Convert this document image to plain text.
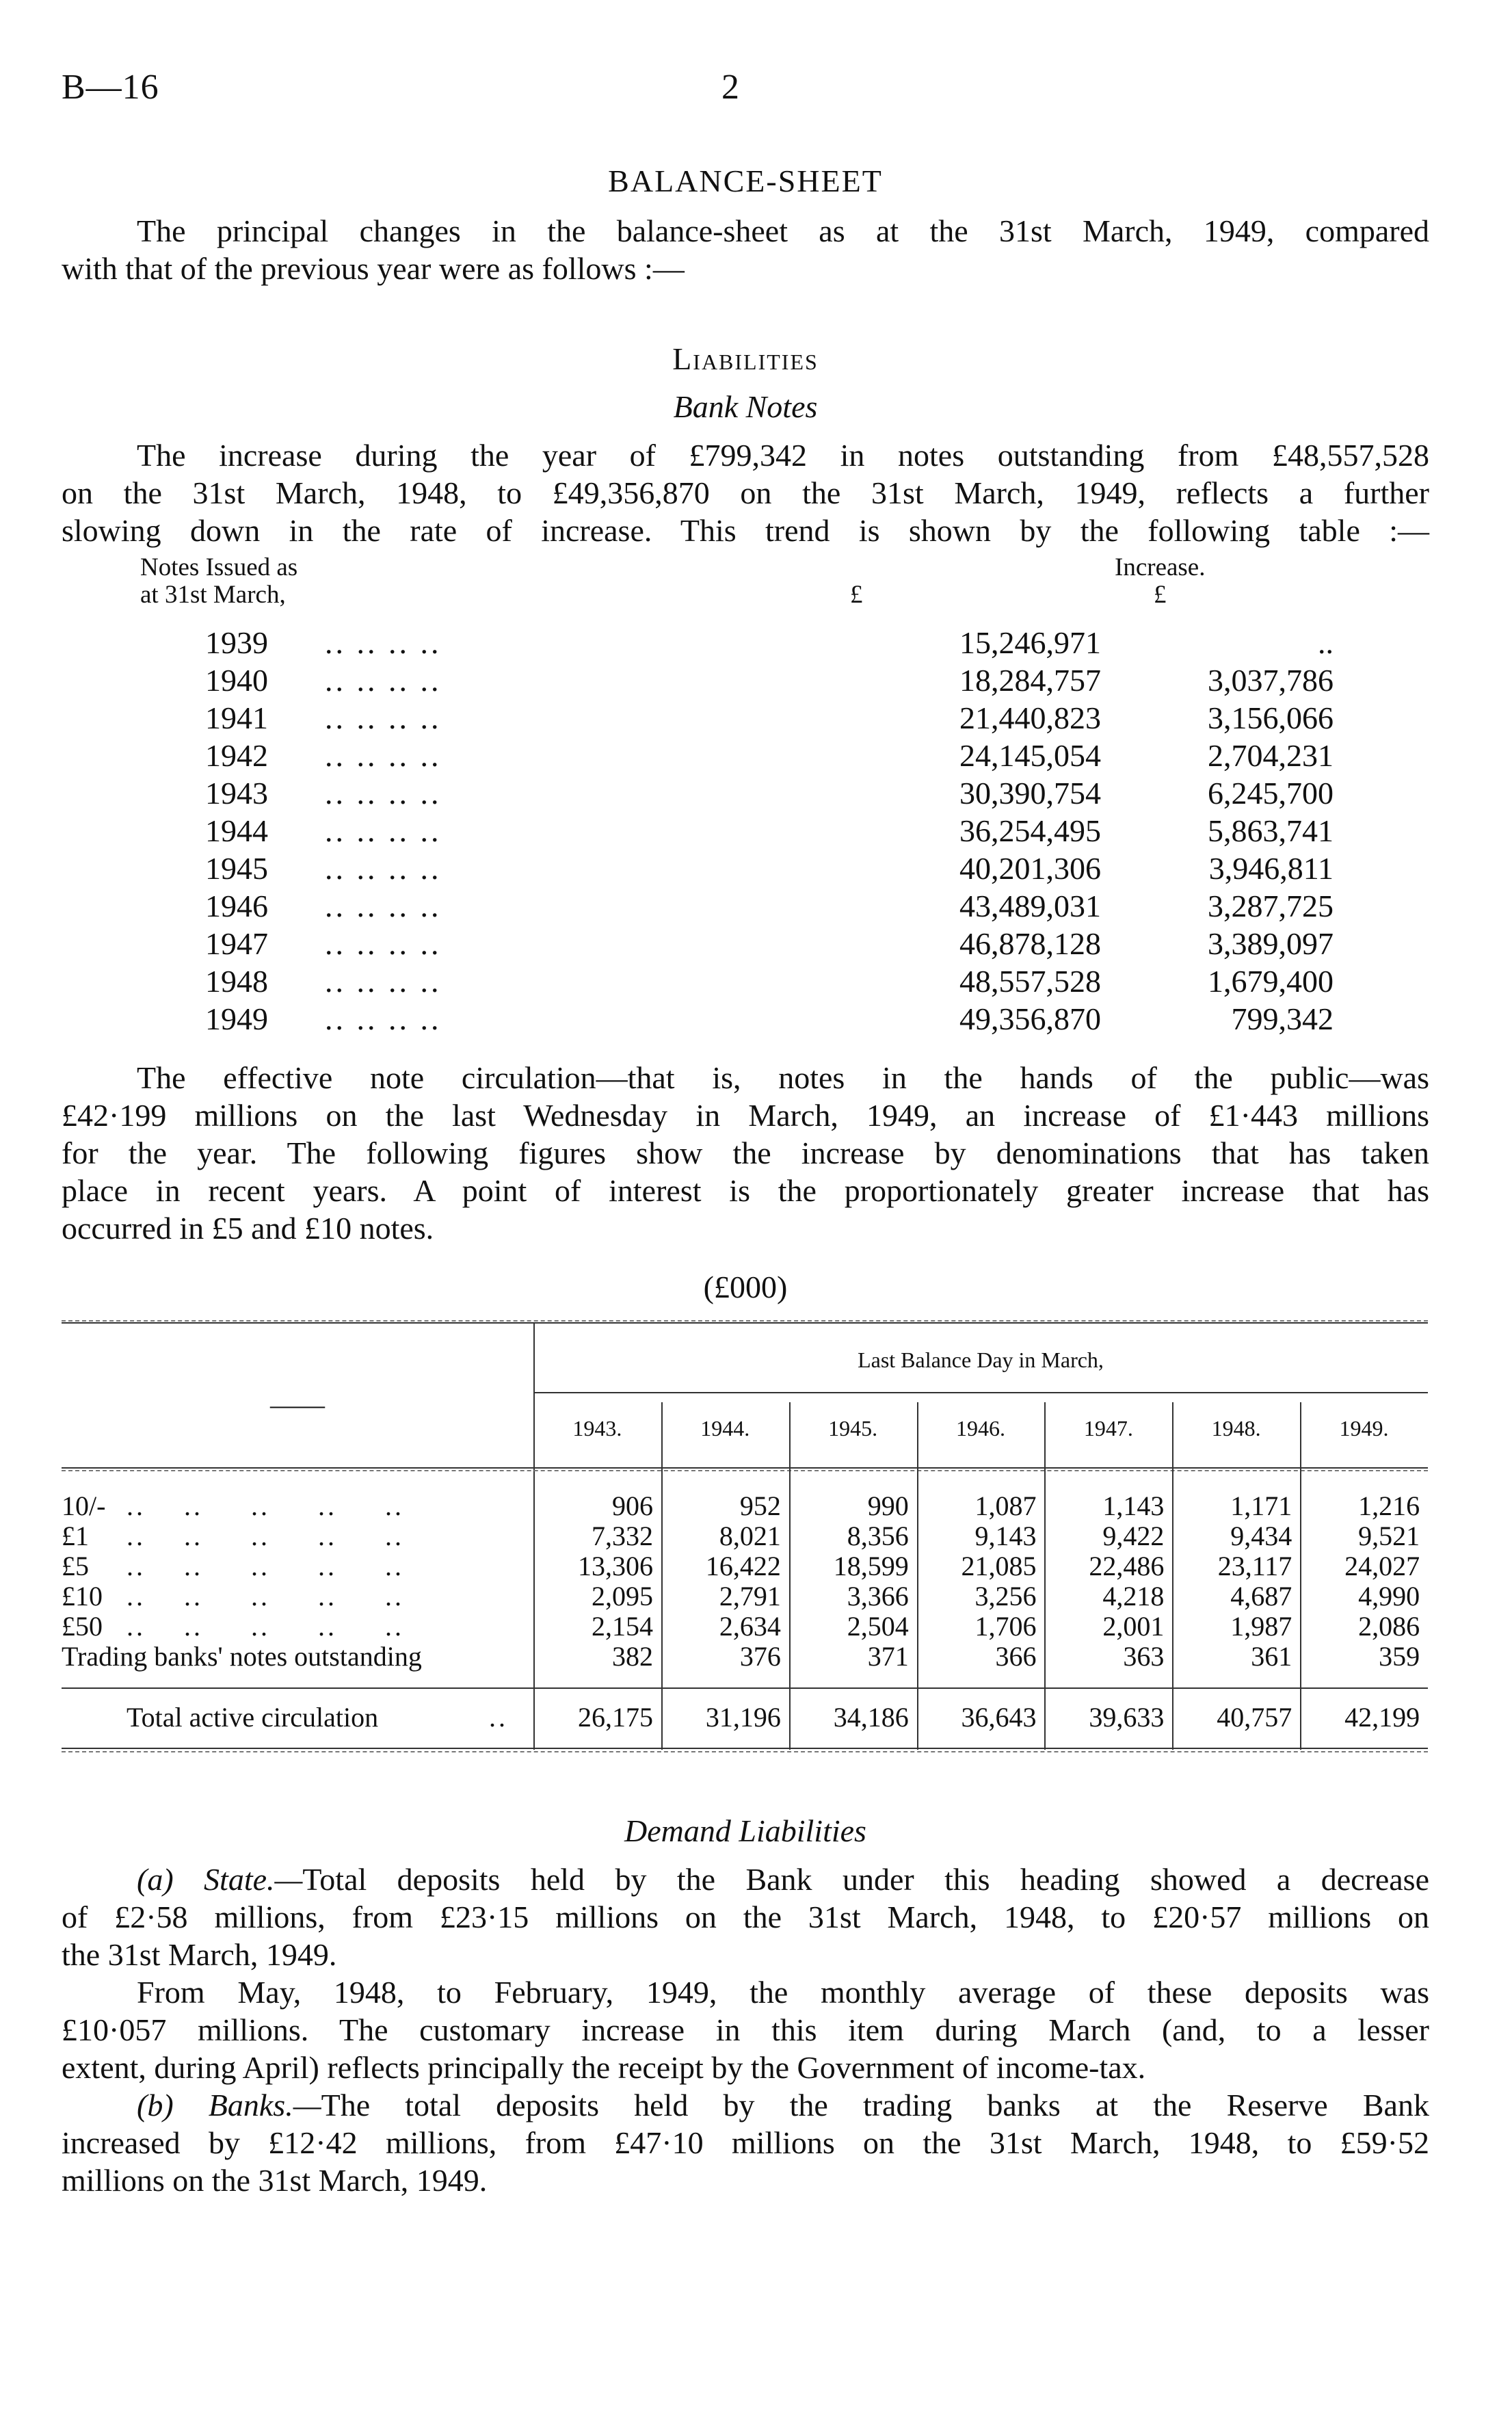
B—16	2
BALANCE-SHEET
The principal changes in the balance-sheet as at the 31st March, 1949, compared
with that of the previous year were as follows :—
Liabilities
Bank Notes
The increase during the year of £799,342 in notes outstanding from £48,557,528
on the 31st March, 1948, to £49,356,870 on the 31st March, 1949, reflects a further
slowing down in the rate of increase. This trend is shown by the following table :—
Notes Issued as
at 31st March,	£
Increase.
£
1939 .. .. .. ..	15,246,971	..
1940 .. .. .. ..	18,284,757	3,037,786
1941 .. .. .. ..	21,440,823	3,156,066
1942 .. .. .. ..	24,145,054	2,704,231
1943 .. .. .. ..	30,390,754	6,245,700
1944 .. .. .. ..	36,254,495	5,863,741
1945 .. .. .. ..	40,201,306	3,946,811
1946 .. .. .. ..	43,489,031	3,287,725
1947 .. .. .. ..	46,878,128	3,389,097
1948 .. .. .. ..	48,557,528	1,679,400
1949 .. .. .. ..	49,356,870	799,342
The effective note circulation—that is, notes in the hands of the public—was
£42·199 millions on the last Wednesday in March, 1949, an increase of £1·443 millions
for the year. The following figures show the increase by denominations that has taken
place in recent years. A point of interest is the proportionately greater increase that has
occurred in £5 and £10 notes.
(£000)
Last Balance Day in March,
——
1943.	1944.	1945.	1946.	1947.	1948.	1949.
10/- ..    ..     ..     ..     ..	906	952	990	1,087	1,143	1,171	1,216
£1 ..    ..     ..     ..     ..	7,332	8,021	8,356	9,143	9,422	9,434	9,521
£5 ..    ..     ..     ..     ..	13,306	16,422	18,599	21,085	22,486	23,117	24,027
£10 ..    ..     ..     ..     ..	2,095	2,791	3,366	3,256	4,218	4,687	4,990
£50 ..    ..     ..     ..     ..	2,154	2,634	2,504	1,706	2,001	1,987	2,086
Trading banks' notes outstanding	382	376	371	366	363	361	359
Total active circulation	..	26,175	31,196	34,186	36,643	39,633	40,757	42,199
Demand Liabilities
(a) State.—Total deposits held by the Bank under this heading showed a decrease
of £2·58 millions, from £23·15 millions on the 31st March, 1948, to £20·57 millions on
the 31st March, 1949.
From May, 1948, to February, 1949, the monthly average of these deposits was
£10·057 millions. The customary increase in this item during March (and, to a lesser
extent, during April) reflects principally the receipt by the Government of income-tax.
(b) Banks.—The total deposits held by the trading banks at the Reserve Bank
increased by £12·42 millions, from £47·10 millions on the 31st March, 1948, to £59·52
millions on the 31st March, 1949.
